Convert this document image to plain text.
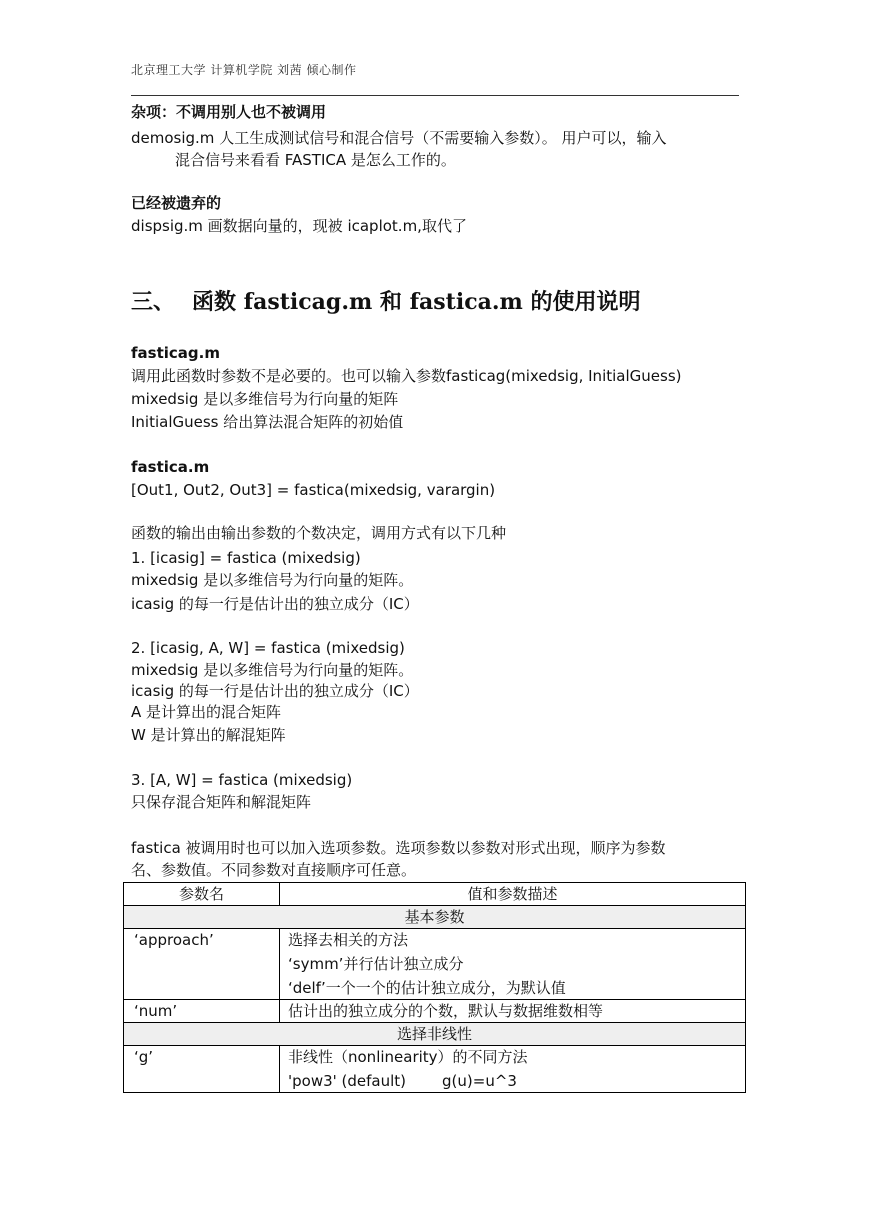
北京理工大学 计算机学院 刘茜 倾心制作
杂项：不调用别人也不被调用
demosig.m 人工生成测试信号和混合信号（不需要输入参数）。 用户可以，输入
混合信号来看看 FASTICA 是怎么工作的。
已经被遗弃的
dispsig.m 画数据向量的，现被 icaplot.m,取代了
三、 函数 fasticag.m 和 fastica.m 的使用说明
fasticag.m
调用此函数时参数不是必要的。也可以输入参数fasticag(mixedsig, InitialGuess)
mixedsig 是以多维信号为行向量的矩阵
InitialGuess 给出算法混合矩阵的初始值
fastica.m
[Out1, Out2, Out3] = fastica(mixedsig, varargin)
函数的输出由输出参数的个数决定，调用方式有以下几种
1. [icasig] = fastica (mixedsig)
mixedsig 是以多维信号为行向量的矩阵。
icasig 的每一行是估计出的独立成分（IC）
2. [icasig, A, W] = fastica (mixedsig)
mixedsig 是以多维信号为行向量的矩阵。
icasig 的每一行是估计出的独立成分（IC）
A 是计算出的混合矩阵
W 是计算出的解混矩阵
3. [A, W] = fastica (mixedsig)
只保存混合矩阵和解混矩阵
fastica 被调用时也可以加入选项参数。选项参数以参数对形式出现，顺序为参数
名、参数值。不同参数对直接顺序可任意。
参数名	值和参数描述
基本参数	
‘approach’	选择去相关的方法
‘symm’并行估计独立成分
‘delf’一个一个的估计独立成分，为默认值

‘num’	估计出的独立成分的个数，默认与数据维数相等
选择非线性	
‘g’	非线性（nonlinearity）的不同方法
'pow3' (default) g(u)=u^3
